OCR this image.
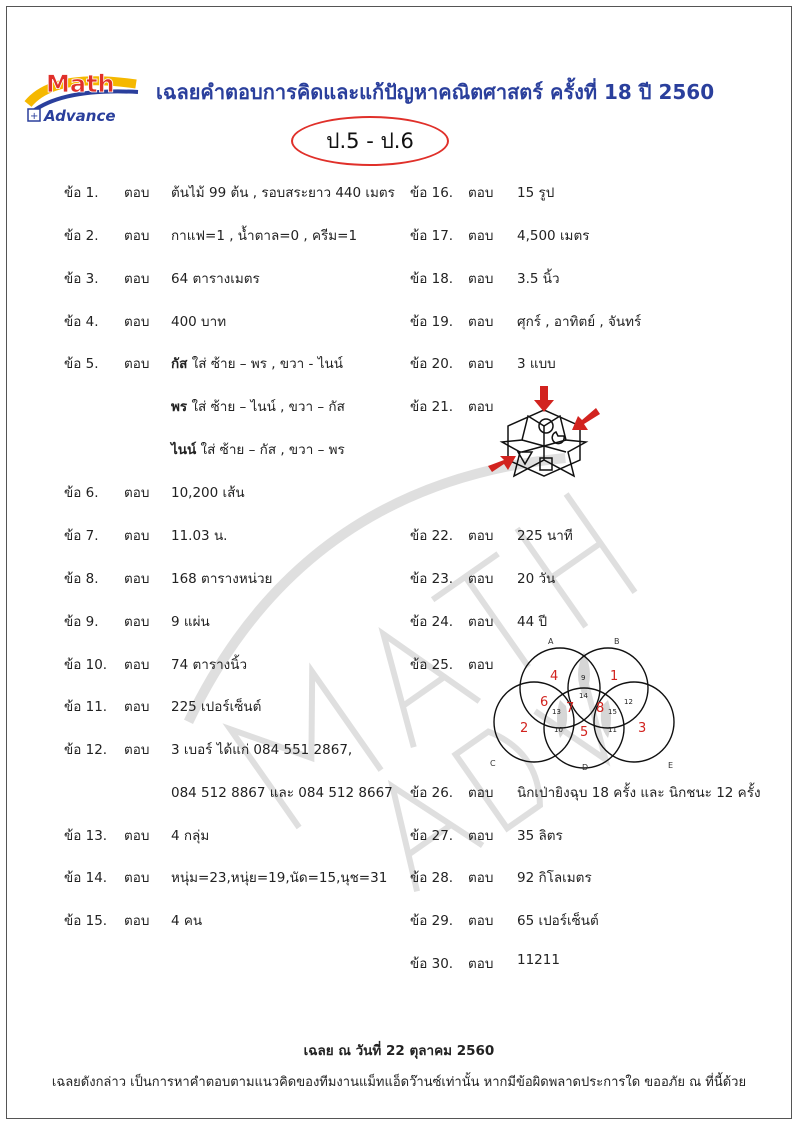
Math
+ Advance
เฉลยคำตอบการคิดและแก้ปัญหาคณิตศาสตร์ ครั้งที่ 18 ปี 2560
ป.5 - ป.6
ข้อ 1. ตอบ ต้นไม้ 99 ต้น , รอบสระยาว 440 เมตร
ข้อ 2. ตอบ กาแฟ=1 , น้ำตาล=0 , ครีม=1
ข้อ 3. ตอบ 64 ตารางเมตร
ข้อ 4. ตอบ 400 บาท
ข้อ 5. ตอบ กัส ใส่ ซ้าย – พร , ขวา - ไนน์
พร ใส่ ซ้าย – ไนน์ , ขวา – กัส
ไนน์ ใส่ ซ้าย – กัส , ขวา – พร
ข้อ 6. ตอบ 10,200 เส้น
ข้อ 7. ตอบ 11.03 น.
ข้อ 8. ตอบ 168 ตารางหน่วย
ข้อ 9. ตอบ 9 แผ่น
ข้อ 10. ตอบ 74 ตารางนิ้ว
ข้อ 11. ตอบ 225 เปอร์เซ็นต์
ข้อ 12. ตอบ 3 เบอร์ ได้แก่ 084 551 2867,
084 512 8867 และ 084 512 8667
ข้อ 13. ตอบ 4 กลุ่ม
ข้อ 14. ตอบ หนุ่ม=23,หนุ่ย=19,นัด=15,นุช=31
ข้อ 15. ตอบ 4 คน
ข้อ 16. ตอบ 15 รูป
ข้อ 17. ตอบ 4,500 เมตร
ข้อ 18. ตอบ 3.5 นิ้ว
ข้อ 19. ตอบ ศุกร์ , อาทิตย์ , จันทร์
ข้อ 20. ตอบ 3 แบบ
ข้อ 21. ตอบ
ข้อ 22. ตอบ 225 นาที
ข้อ 23. ตอบ 20 วัน
ข้อ 24. ตอบ 44 ปี
ข้อ 25. ตอบ
A	B
C	D	E
4	1
6 7 8
2	5	3
9
14
13	15
12
10	11
ข้อ 26. ตอบ นิกเป่ายิงฉุบ 18 ครั้ง และ นิกชนะ 12 ครั้ง
ข้อ 27. ตอบ 35 ลิตร
ข้อ 28. ตอบ 92 กิโลเมตร
ข้อ 29. ตอบ 65 เปอร์เซ็นต์
ข้อ 30. ตอบ 11211
เฉลย ณ วันที่ 22 ตุลาคม 2560
เฉลยดังกล่าว เป็นการหาคำตอบตามแนวคิดของทีมงานแม็ทแอ็ดว๊านซ์เท่านั้น หากมีข้อผิดพลาดประการใด ขออภัย ณ ที่นี้ด้วย
